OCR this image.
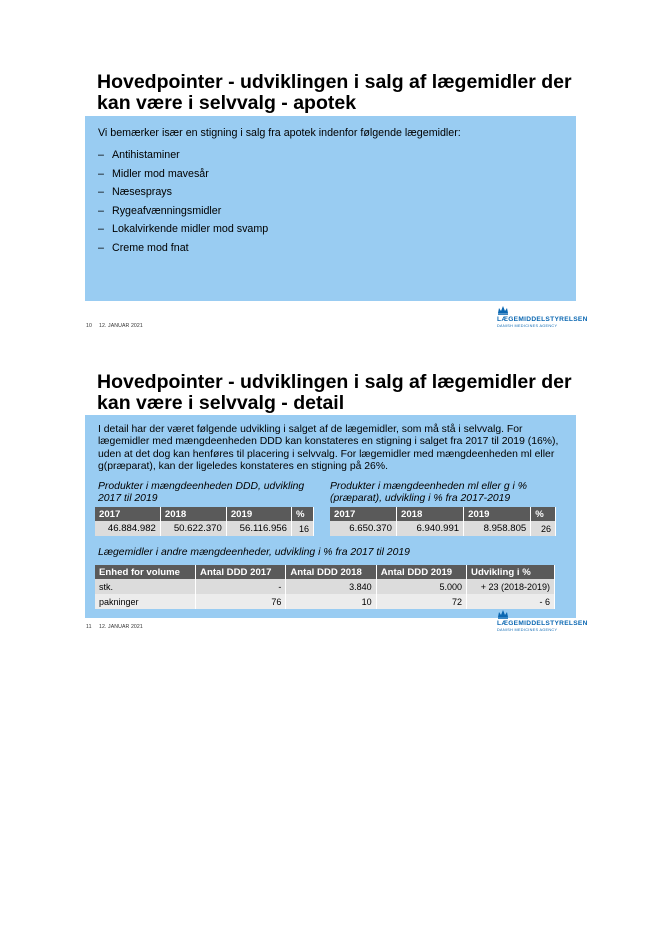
Hovedpointer - udviklingen i salg af lægemidler der kan være i selvvalg - apotek
Vi bemærker især en stigning i salg fra apotek indenfor følgende lægemidler:
– Antihistaminer
– Midler mod mavesår
– Næsesprays
– Rygeafvænningsmidler
– Lokalvirkende midler mod svamp
– Creme mod fnat
10 12. JANUAR 2021
LÆGEMIDDELSTYRELSEN
DANISH MEDICINES AGENCY
Hovedpointer - udviklingen i salg af lægemidler der kan være i selvvalg - detail
I detail har der været følgende udvikling i salget af de lægemidler, som må stå i selvvalg. For lægemidler med mængdeenheden DDD kan konstateres en stigning i salget fra 2017 til 2019 (16%), uden at det dog kan henføres til placering i selvvalg. For lægemidler med mængdeenheden ml eller g(præparat), kan der ligeledes konstateres en stigning på 26%.
Produkter i mængdeenheden DDD, udvikling 2017 til 2019
Produkter i mængdeenheden ml eller g i % (præparat), udvikling i % fra 2017-2019
2017	2018	2019	%
46.884.982	50.622.370	56.116.956	16
2017	2018	2019	%
6.650.370	6.940.991	8.958.805	26
Lægemidler i andre mængdeenheder, udvikling i % fra 2017 til 2019
Enhed for volume	Antal DDD 2017	Antal DDD 2018	Antal DDD 2019	Udvikling i %
stk.	-	3.840	5.000	+ 23 (2018-2019)
pakninger	76	10	72	- 6
11 12. JANUAR 2021	LÆGEMIDDELSTYRELSEN
DANISH MEDICINES AGENCY
